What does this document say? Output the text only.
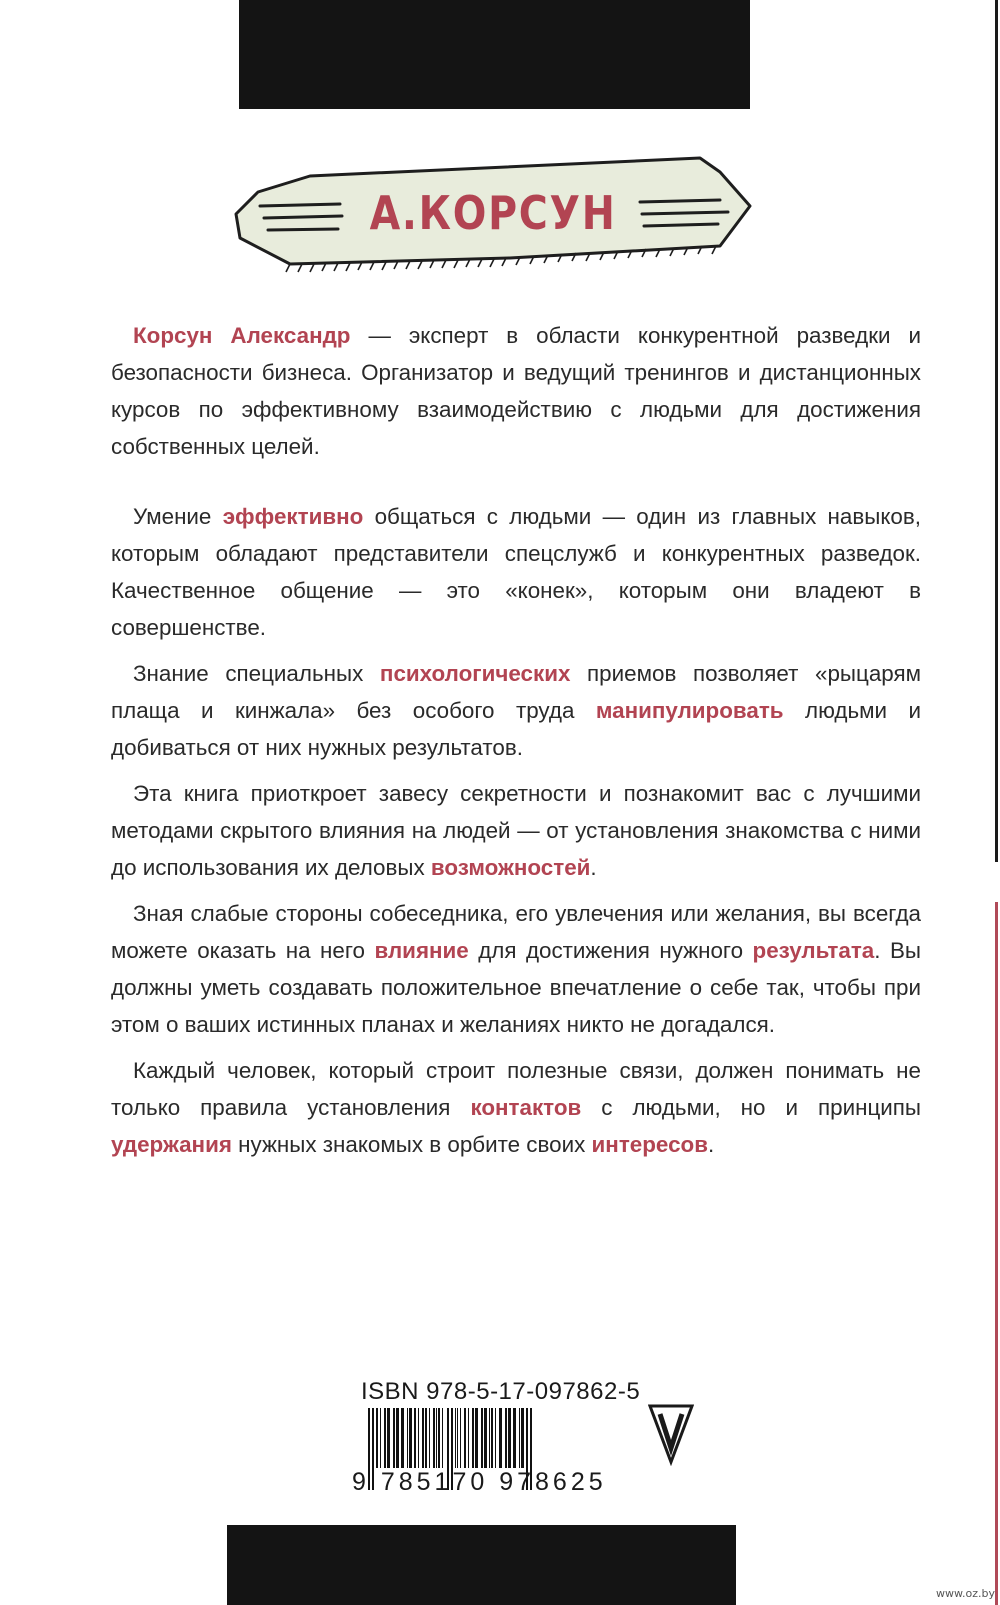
А.КОРСУН

Корсун Александр — эксперт в области конкурентной разведки и безопасности бизнеса. Организатор и ведущий тренингов и дистанционных курсов по эффективному взаимодействию с людьми для достижения собственных целей.

Умение эффективно общаться с людьми — один из главных навыков, которым обладают представители спецслужб и конкурентных разведок. Качественное общение — это «конек», которым они владеют в совершенстве.

Знание специальных психологических приемов позволяет «рыцарям плаща и кинжала» без особого труда манипулировать людьми и добиваться от них нужных результатов.

Эта книга приоткроет завесу секретности и познакомит вас с лучшими методами скрытого влияния на людей — от установления знакомства с ними до использования их деловых возможностей.

Зная слабые стороны собеседника, его увлечения или желания, вы всегда можете оказать на него влияние для достижения нужного результата. Вы должны уметь создавать положительное впечатление о себе так, чтобы при этом о ваших истинных планах и желаниях никто не догадался.

Каждый человек, который строит полезные связи, должен понимать не только правила установления контактов с людьми, но и принципы удержания нужных знакомых в орбите своих интересов.

ISBN 978-5-17-097862-5
9 785170 978625
www.oz.by
